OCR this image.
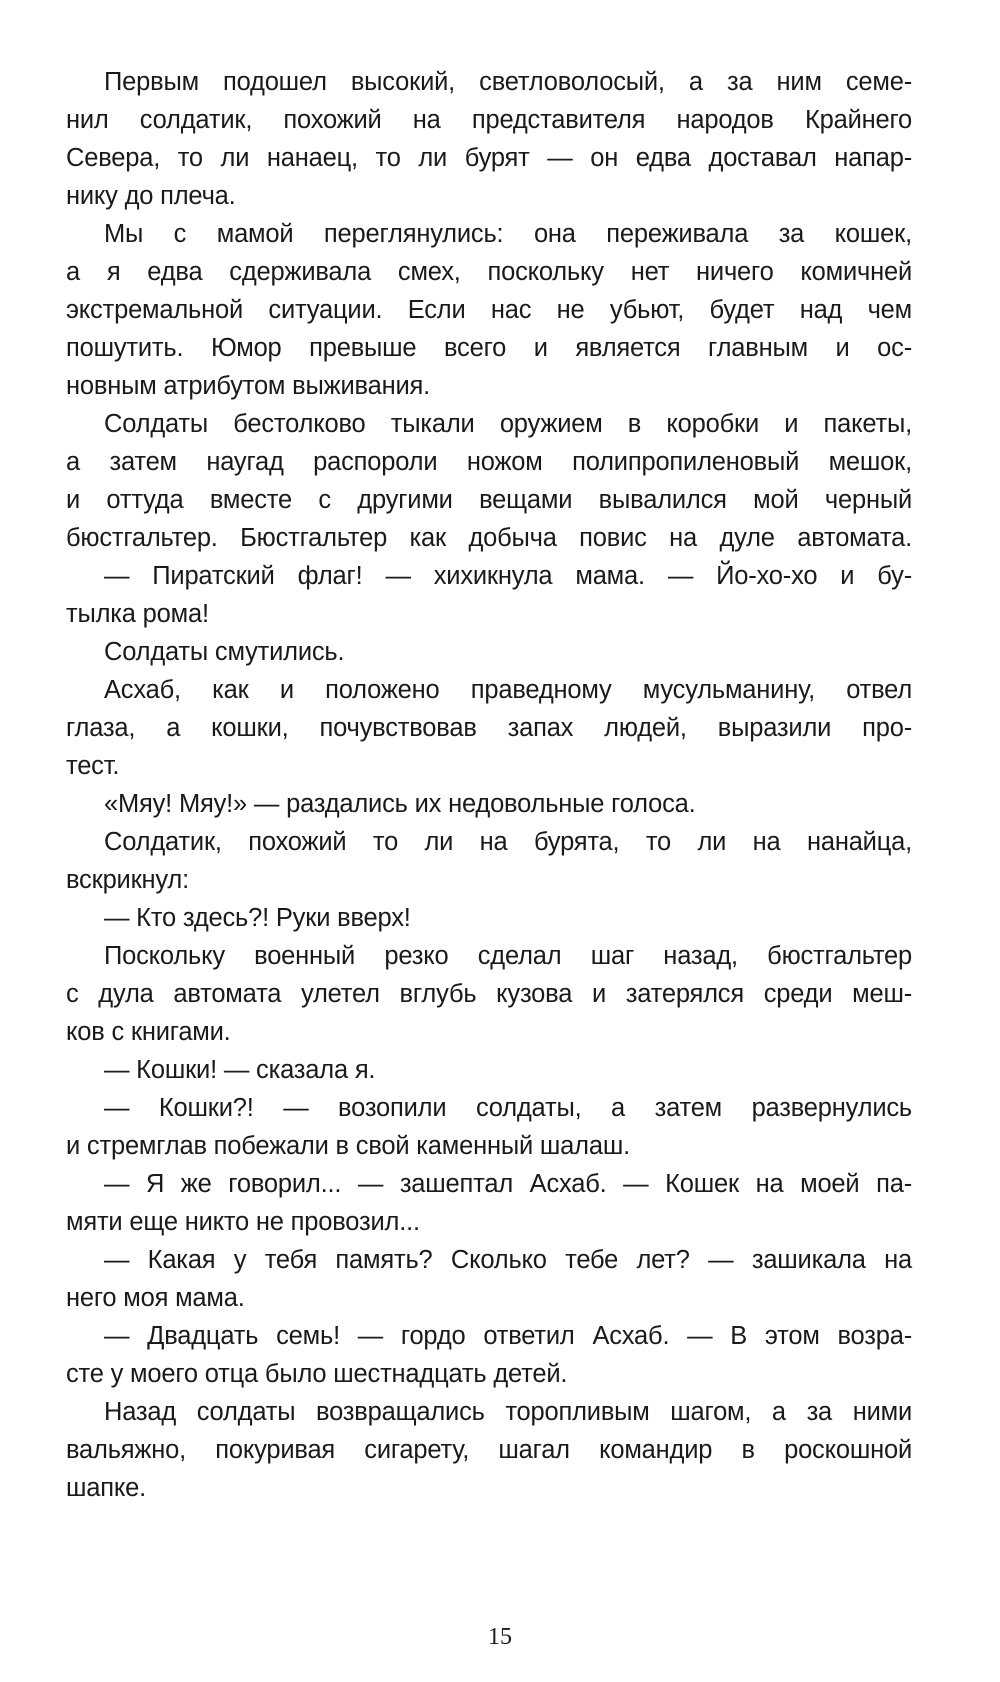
Первым подошел высокий, светловолосый, а за ним семе-
нил солдатик, похожий на представителя народов Крайнего
Севера, то ли нанаец, то ли бурят — он едва доставал напар-
нику до плеча.
Мы с мамой переглянулись: она переживала за кошек,
а я едва сдерживала смех, поскольку нет ничего комичней
экстремальной ситуации. Если нас не убьют, будет над чем
пошутить. Юмор превыше всего и является главным и ос-
новным атрибутом выживания.
Солдаты бестолково тыкали оружием в коробки и пакеты,
а затем наугад распороли ножом полипропиленовый мешок,
и оттуда вместе с другими вещами вывалился мой черный
бюстгальтер. Бюстгальтер как добыча повис на дуле автомата.
— Пиратский флаг! — хихикнула мама. — Йо-хо-хо и бу-
тылка рома!
Солдаты смутились.
Асхаб, как и положено праведному мусульманину, отвел
глаза, а кошки, почувствовав запах людей, выразили про-
тест.
«Мяу! Мяу!» — раздались их недовольные голоса.
Солдатик, похожий то ли на бурята, то ли на нанайца,
вскрикнул:
— Кто здесь?! Руки вверх!
Поскольку военный резко сделал шаг назад, бюстгальтер
с дула автомата улетел вглубь кузова и затерялся среди меш-
ков с книгами.
— Кошки! — сказала я.
— Кошки?! — возопили солдаты, а затем развернулись
и стремглав побежали в свой каменный шалаш.
— Я же говорил... — зашептал Асхаб. — Кошек на моей па-
мяти еще никто не провозил...
— Какая у тебя память? Сколько тебе лет? — зашикала на
него моя мама.
— Двадцать семь! — гордо ответил Асхаб. — В этом возра-
сте у моего отца было шестнадцать детей.
Назад солдаты возвращались торопливым шагом, а за ними
вальяжно, покуривая сигарету, шагал командир в роскошной
шапке.
15
